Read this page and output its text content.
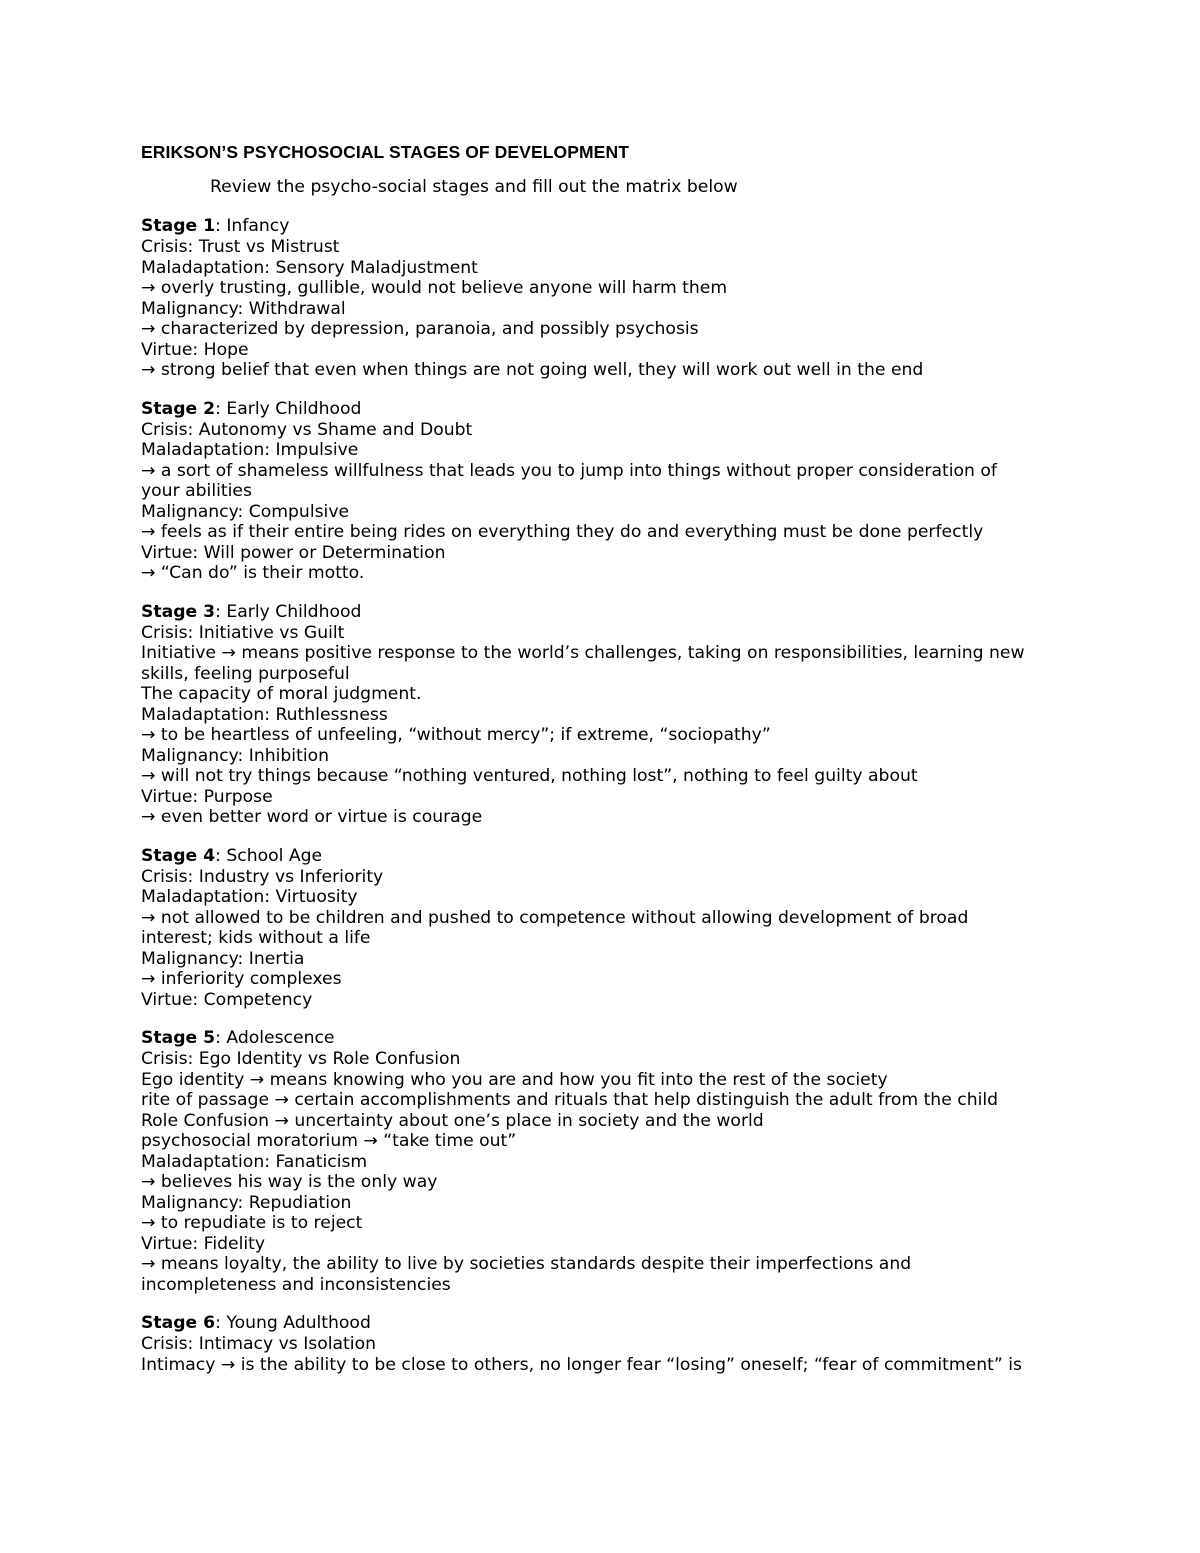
ERIKSON’S PSYCHOSOCIAL STAGES OF DEVELOPMENT
Review the psycho-social stages and fill out the matrix below
Stage 1: Infancy
Crisis: Trust vs Mistrust
Maladaptation: Sensory Maladjustment
→ overly trusting, gullible, would not believe anyone will harm them
Malignancy: Withdrawal
→ characterized by depression, paranoia, and possibly psychosis
Virtue: Hope
→ strong belief that even when things are not going well, they will work out well in the end
Stage 2: Early Childhood
Crisis: Autonomy vs Shame and Doubt
Maladaptation: Impulsive
→ a sort of shameless willfulness that leads you to jump into things without proper consideration of
your abilities
Malignancy: Compulsive
→ feels as if their entire being rides on everything they do and everything must be done perfectly
Virtue: Will power or Determination
→ “Can do” is their motto.
Stage 3: Early Childhood
Crisis: Initiative vs Guilt
Initiative → means positive response to the world’s challenges, taking on responsibilities, learning new
skills, feeling purposeful
The capacity of moral judgment.
Maladaptation: Ruthlessness
→ to be heartless of unfeeling, “without mercy”; if extreme, “sociopathy”
Malignancy: Inhibition
→ will not try things because “nothing ventured, nothing lost”, nothing to feel guilty about
Virtue: Purpose
→ even better word or virtue is courage
Stage 4: School Age
Crisis: Industry vs Inferiority
Maladaptation: Virtuosity
→ not allowed to be children and pushed to competence without allowing development of broad
interest; kids without a life
Malignancy: Inertia
→ inferiority complexes
Virtue: Competency
Stage 5: Adolescence
Crisis: Ego Identity vs Role Confusion
Ego identity → means knowing who you are and how you fit into the rest of the society
rite of passage → certain accomplishments and rituals that help distinguish the adult from the child
Role Confusion → uncertainty about one’s place in society and the world
psychosocial moratorium → “take time out”
Maladaptation: Fanaticism
→ believes his way is the only way
Malignancy: Repudiation
→ to repudiate is to reject
Virtue: Fidelity
→ means loyalty, the ability to live by societies standards despite their imperfections and
incompleteness and inconsistencies
Stage 6: Young Adulthood
Crisis: Intimacy vs Isolation
Intimacy → is the ability to be close to others, no longer fear “losing” oneself; “fear of commitment” is
